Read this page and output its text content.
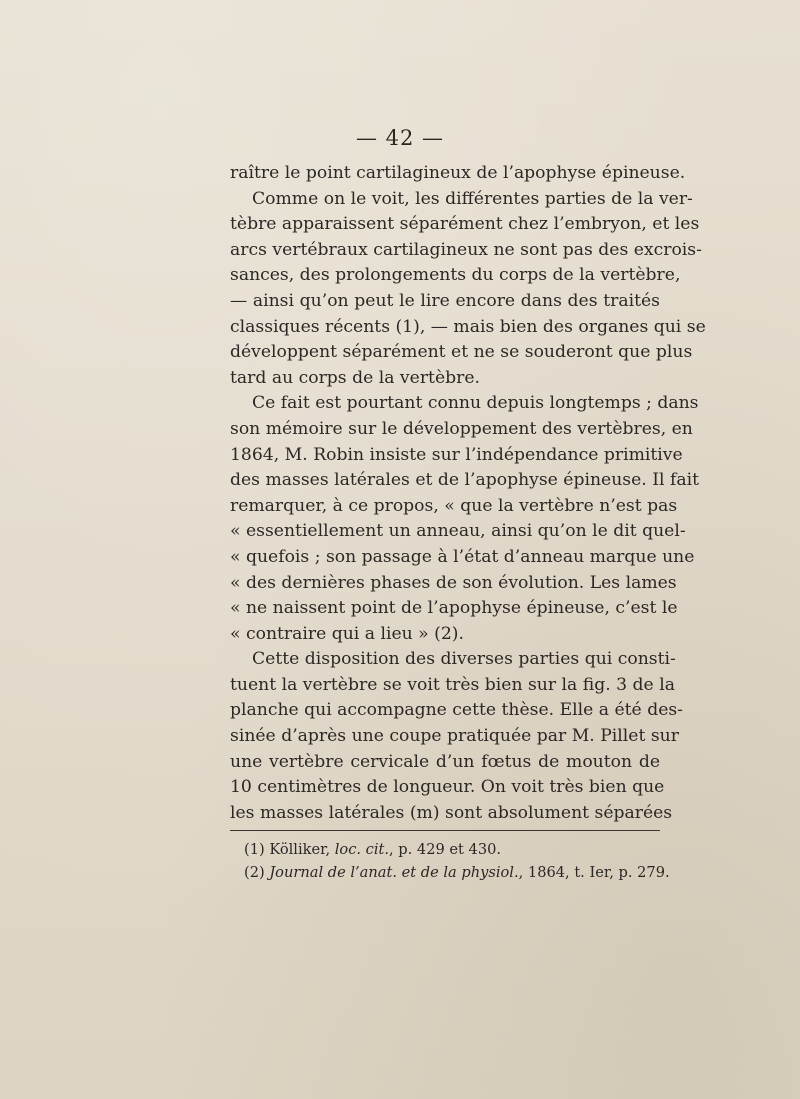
— 42 —
raître le point cartilagineux de l’apophyse épineuse.
Comme on le voit, les différentes parties de la ver-
tèbre apparaissent séparément chez l’embryon, et les
arcs vertébraux cartilagineux ne sont pas des excrois-
sances, des prolongements du corps de la vertèbre,
— ainsi qu’on peut le lire encore dans des traités
classiques récents (1), — mais bien des organes qui se
développent séparément et ne se souderont que plus
tard au corps de la vertèbre.
Ce fait est pourtant connu depuis longtemps ; dans
son mémoire sur le développement des vertèbres, en
1864, M. Robin insiste sur l’indépendance primitive
des masses latérales et de l’apophyse épineuse. Il fait
remarquer, à ce propos, « que la vertèbre n’est pas
« essentiellement un anneau, ainsi qu’on le dit quel-
« quefois ; son passage à l’état d’anneau marque une
« des dernières phases de son évolution. Les lames
« ne naissent point de l’apophyse épineuse, c’est le
« contraire qui a lieu » (2).
Cette disposition des diverses parties qui consti-
tuent la vertèbre se voit très bien sur la fig. 3 de la
planche qui accompagne cette thèse. Elle a été des-
sinée d’après une coupe pratiquée par M. Pillet sur
une vertèbre cervicale d’un fœtus de mouton de
10 centimètres de longueur. On voit très bien que
les masses latérales (m) sont absolument séparées
(1) Kölliker, loc. cit., p. 429 et 430.
(2) Journal de l’anat. et de la physiol., 1864, t. Ier, p. 279.
